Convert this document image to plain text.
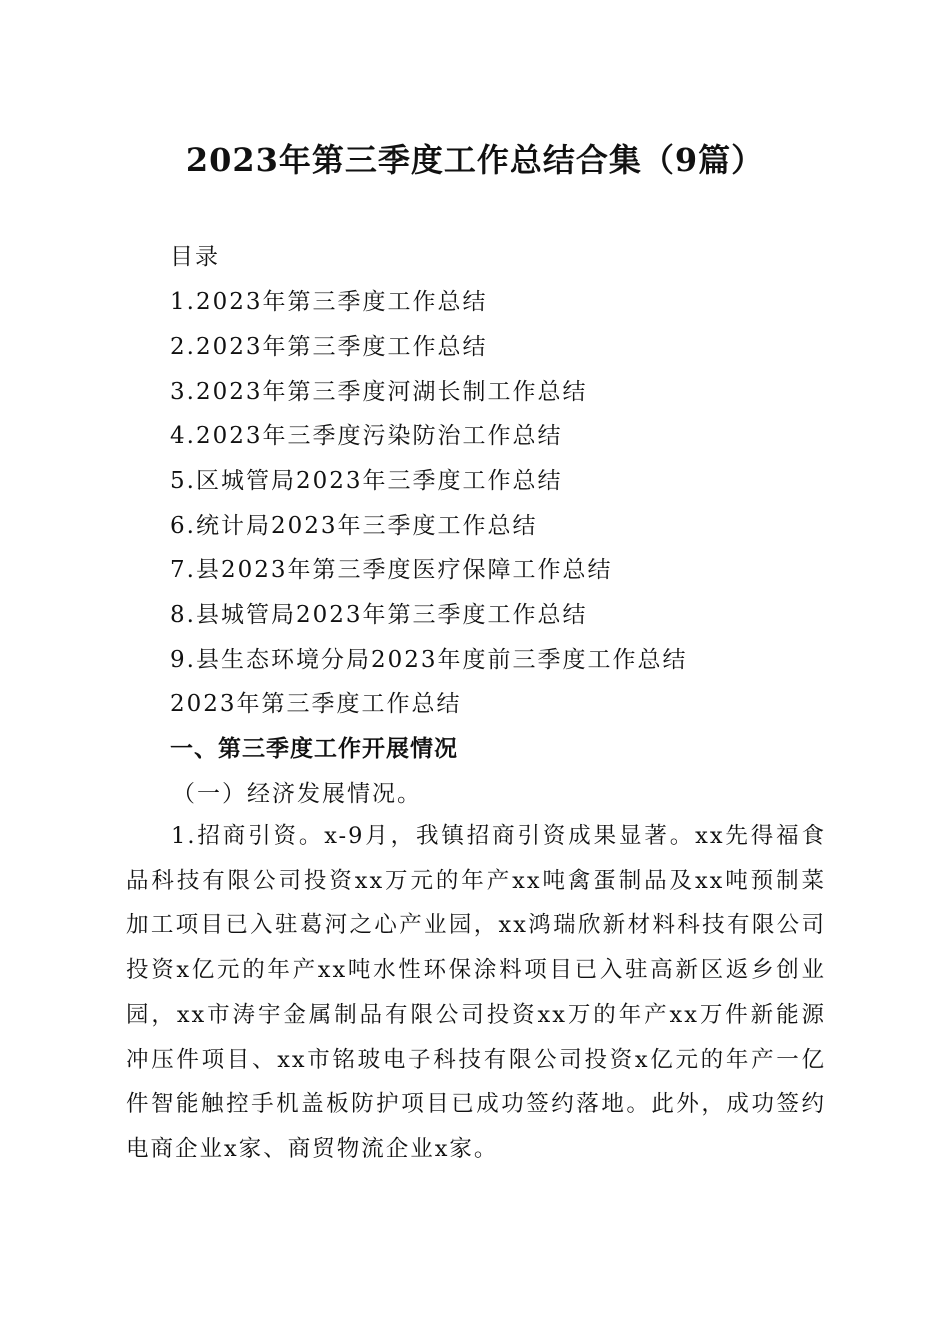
2023年第三季度工作总结合集（9篇）
目录
1.2023年第三季度工作总结
2.2023年第三季度工作总结
3.2023年第三季度河湖长制工作总结
4.2023年三季度污染防治工作总结
5.区城管局2023年三季度工作总结
6.统计局2023年三季度工作总结
7.县2023年第三季度医疗保障工作总结
8.县城管局2023年第三季度工作总结
9.县生态环境分局2023年度前三季度工作总结
2023年第三季度工作总结
一、第三季度工作开展情况
（一）经济发展情况。
1.招商引资。x-9月，我镇招商引资成果显著。xx先得福食品科技有限公司投资xx万元的年产xx吨禽蛋制品及xx吨预制菜加工项目已入驻葛河之心产业园，xx鸿瑞欣新材料科技有限公司投资x亿元的年产xx吨水性环保涂料项目已入驻高新区返乡创业园，xx市涛宇金属制品有限公司投资xx万的年产xx万件新能源冲压件项目、xx市铭玻电子科技有限公司投资x亿元的年产一亿件智能触控手机盖板防护项目已成功签约落地。此外，成功签约电商企业x家、商贸物流企业x家。
